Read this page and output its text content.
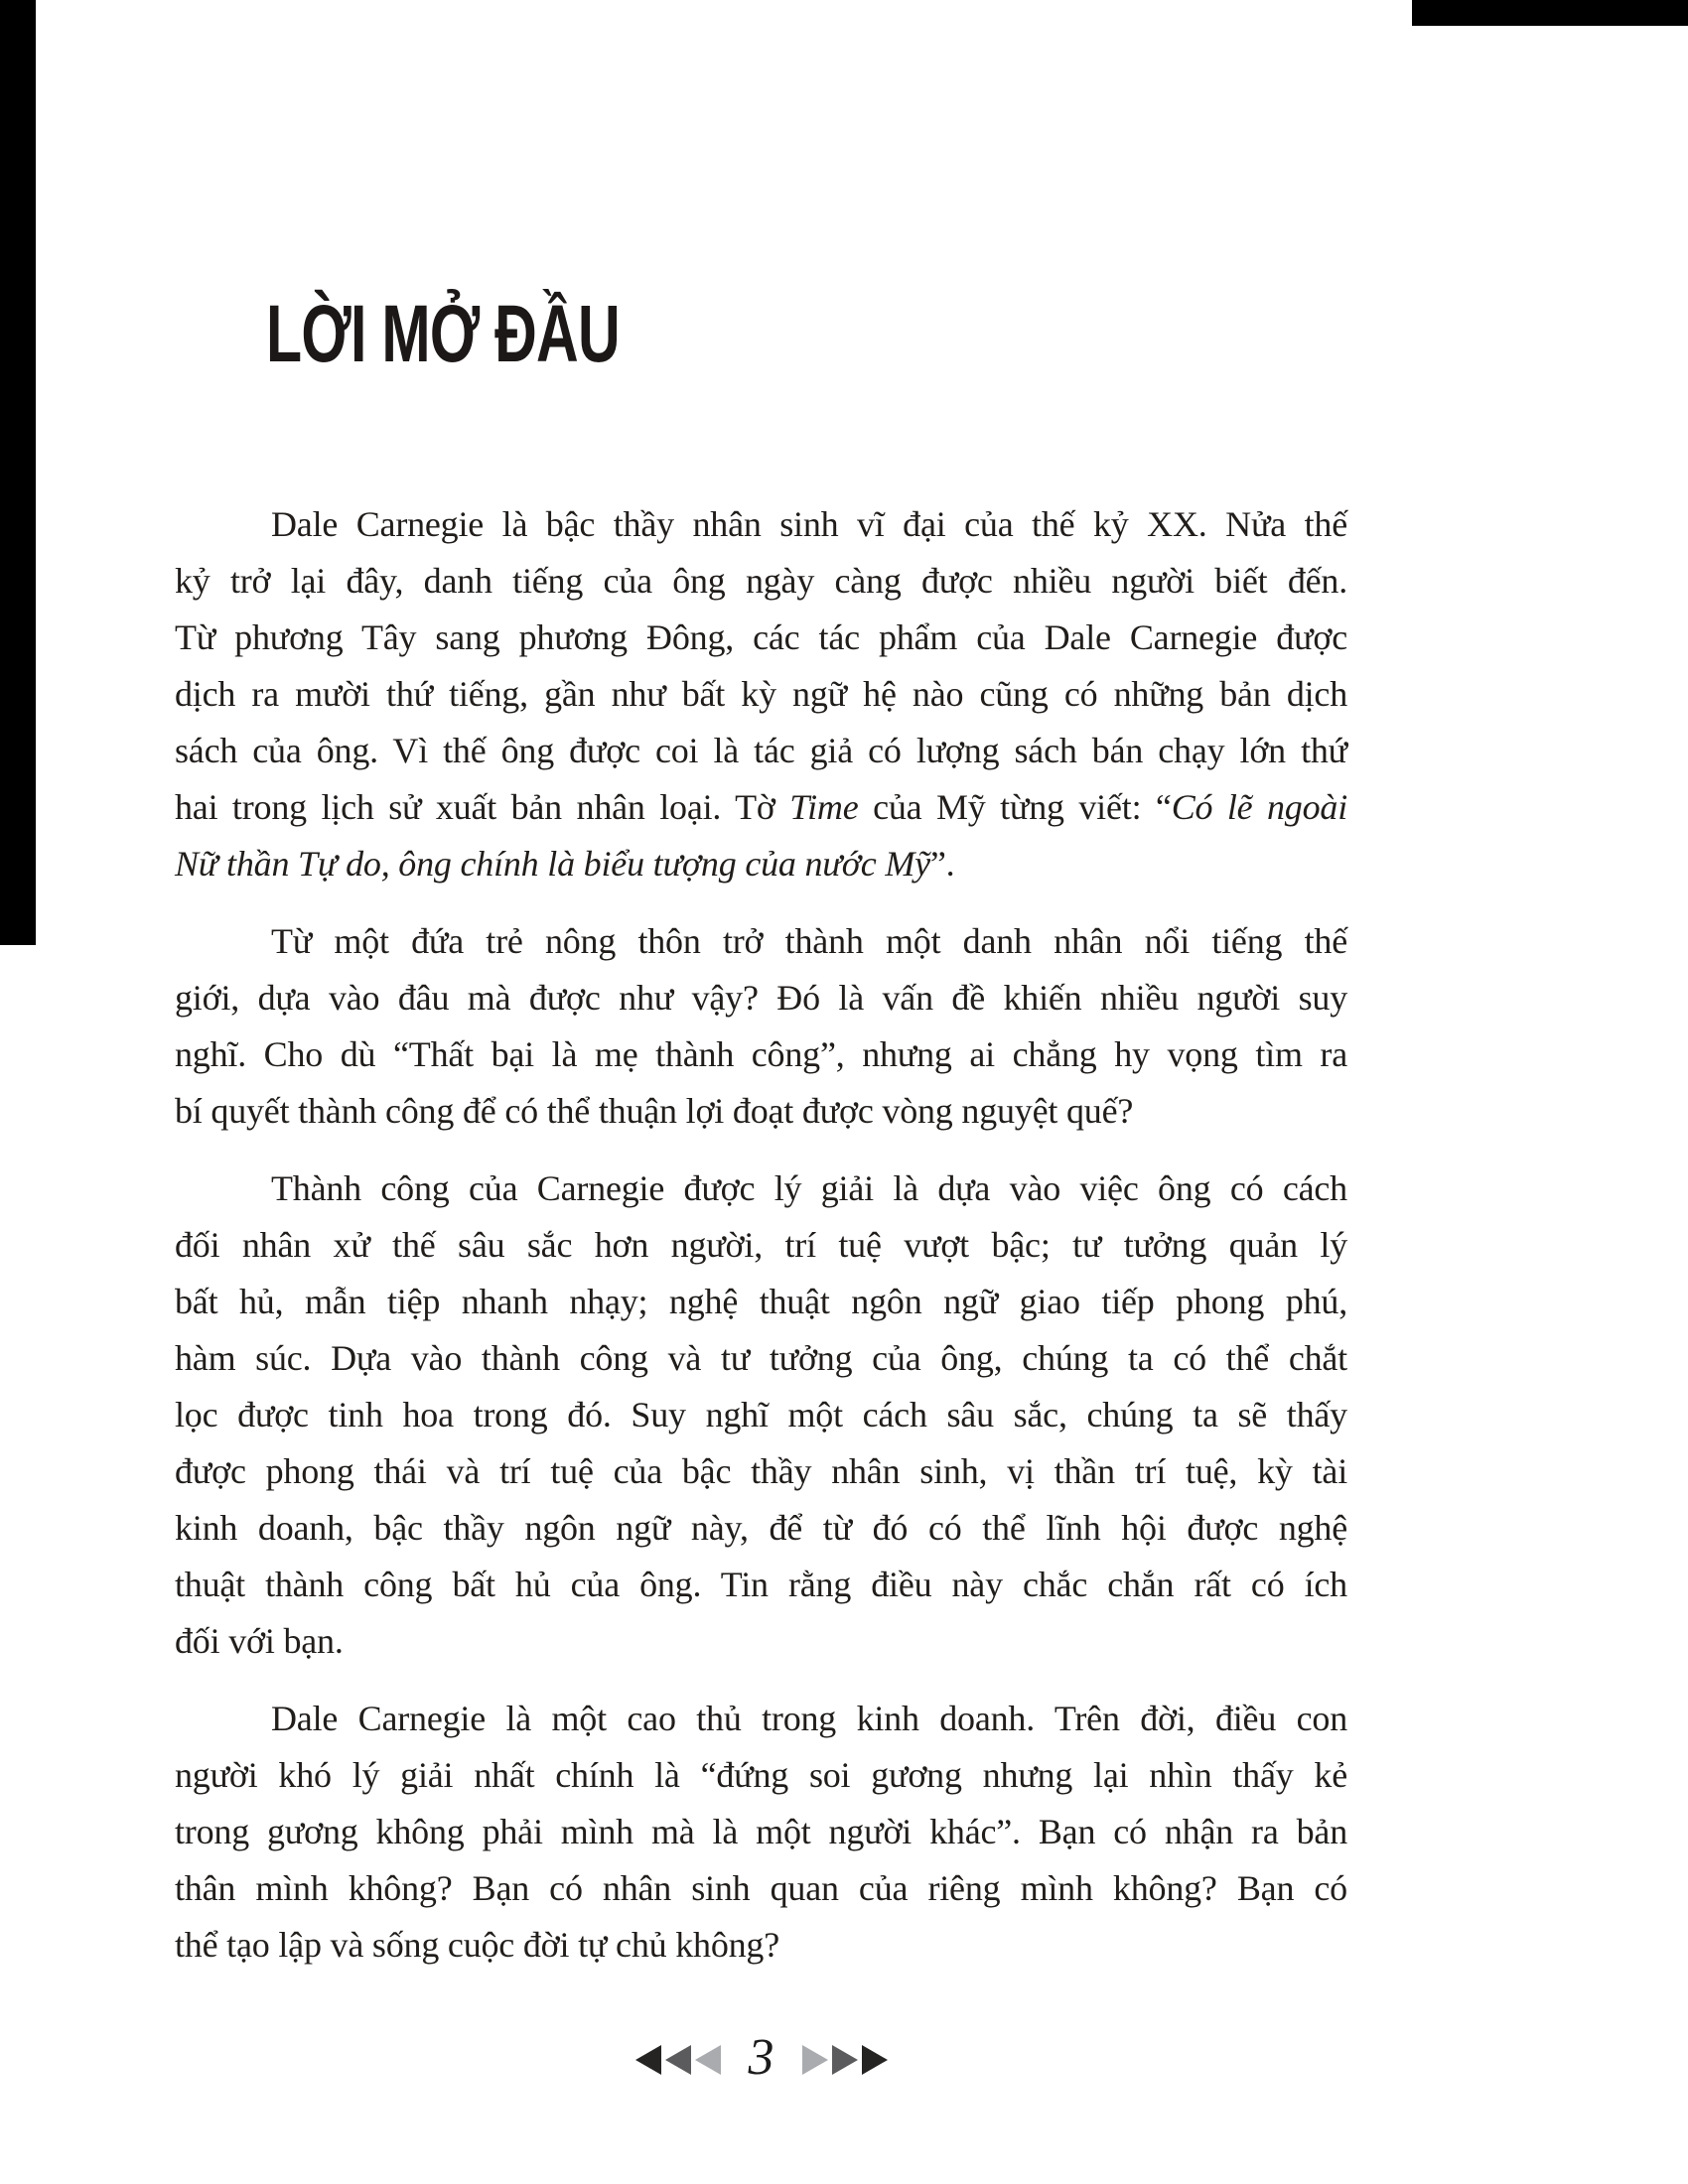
LỜI MỞ ĐẦU
Dale Carnegie là bậc thầy nhân sinh vĩ đại của thế kỷ XX. Nửa thế
kỷ trở lại đây, danh tiếng của ông ngày càng được nhiều người biết đến.
Từ phương Tây sang phương Đông, các tác phẩm của Dale Carnegie được
dịch ra mười thứ tiếng, gần như bất kỳ ngữ hệ nào cũng có những bản dịch
sách của ông. Vì thế ông được coi là tác giả có lượng sách bán chạy lớn thứ
hai trong lịch sử xuất bản nhân loại. Tờ Time của Mỹ từng viết: “Có lẽ ngoài
Nữ thần Tự do, ông chính là biểu tượng của nước Mỹ”.
Từ một đứa trẻ nông thôn trở thành một danh nhân nổi tiếng thế
giới, dựa vào đâu mà được như vậy? Đó là vấn đề khiến nhiều người suy
nghĩ. Cho dù “Thất bại là mẹ thành công”, nhưng ai chẳng hy vọng tìm ra
bí quyết thành công để có thể thuận lợi đoạt được vòng nguyệt quế?
Thành công của Carnegie được lý giải là dựa vào việc ông có cách
đối nhân xử thế sâu sắc hơn người, trí tuệ vượt bậc; tư tưởng quản lý
bất hủ, mẫn tiệp nhanh nhạy; nghệ thuật ngôn ngữ giao tiếp phong phú,
hàm súc. Dựa vào thành công và tư tưởng của ông, chúng ta có thể chắt
lọc được tinh hoa trong đó. Suy nghĩ một cách sâu sắc, chúng ta sẽ thấy
được phong thái và trí tuệ của bậc thầy nhân sinh, vị thần trí tuệ, kỳ tài
kinh doanh, bậc thầy ngôn ngữ này, để từ đó có thể lĩnh hội được nghệ
thuật thành công bất hủ của ông. Tin rằng điều này chắc chắn rất có ích
đối với bạn.
Dale Carnegie là một cao thủ trong kinh doanh. Trên đời, điều con
người khó lý giải nhất chính là “đứng soi gương nhưng lại nhìn thấy kẻ
trong gương không phải mình mà là một người khác”. Bạn có nhận ra bản
thân mình không? Bạn có nhân sinh quan của riêng mình không? Bạn có
thể tạo lập và sống cuộc đời tự chủ không?
3
